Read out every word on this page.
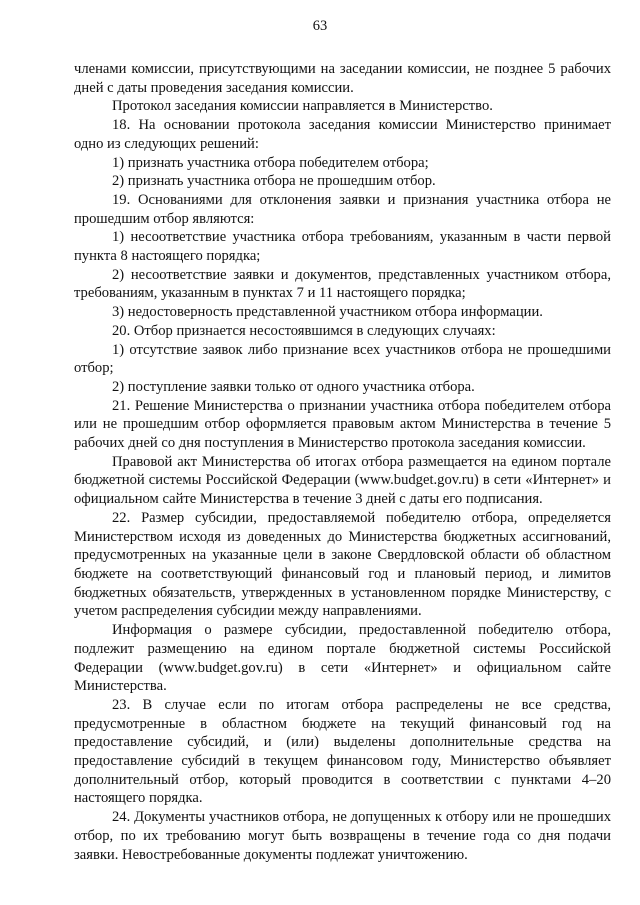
63

членами комиссии, присутствующими на заседании комиссии, не позднее 5 рабочих дней с даты проведения заседания комиссии.

Протокол заседания комиссии направляется в Министерство.

18. На основании протокола заседания комиссии Министерство принимает одно из следующих решений:

1) признать участника отбора победителем отбора;

2) признать участника отбора не прошедшим отбор.

19. Основаниями для отклонения заявки и признания участника отбора не прошедшим отбор являются:

1) несоответствие участника отбора требованиям, указанным в части первой пункта 8 настоящего порядка;

2) несоответствие заявки и документов, представленных участником отбора, требованиям, указанным в пунктах 7 и 11 настоящего порядка;

3) недостоверность представленной участником отбора информации.

20. Отбор признается несостоявшимся в следующих случаях:

1) отсутствие заявок либо признание всех участников отбора не прошедшими отбор;

2) поступление заявки только от одного участника отбора.

21. Решение Министерства о признании участника отбора победителем отбора или не прошедшим отбор оформляется правовым актом Министерства в течение 5 рабочих дней со дня поступления в Министерство протокола заседания комиссии.

Правовой акт Министерства об итогах отбора размещается на едином портале бюджетной системы Российской Федерации (www.budget.gov.ru) в сети «Интернет» и официальном сайте Министерства в течение 3 дней с даты его подписания.

22. Размер субсидии, предоставляемой победителю отбора, определяется Министерством исходя из доведенных до Министерства бюджетных ассигнований, предусмотренных на указанные цели в законе Свердловской области об областном бюджете на соответствующий финансовый год и плановый период, и лимитов бюджетных обязательств, утвержденных в установленном порядке Министерству, с учетом распределения субсидии между направлениями.

Информация о размере субсидии, предоставленной победителю отбора, подлежит размещению на едином портале бюджетной системы Российской Федерации (www.budget.gov.ru) в сети «Интернет» и официальном сайте Министерства.

23. В случае если по итогам отбора распределены не все средства, предусмотренные в областном бюджете на текущий финансовый год на предоставление субсидий, и (или) выделены дополнительные средства на предоставление субсидий в текущем финансовом году, Министерство объявляет дополнительный отбор, который проводится в соответствии с пунктами 4–20 настоящего порядка.

24. Документы участников отбора, не допущенных к отбору или не прошедших отбор, по их требованию могут быть возвращены в течение года со дня подачи заявки. Невостребованные документы подлежат уничтожению.
